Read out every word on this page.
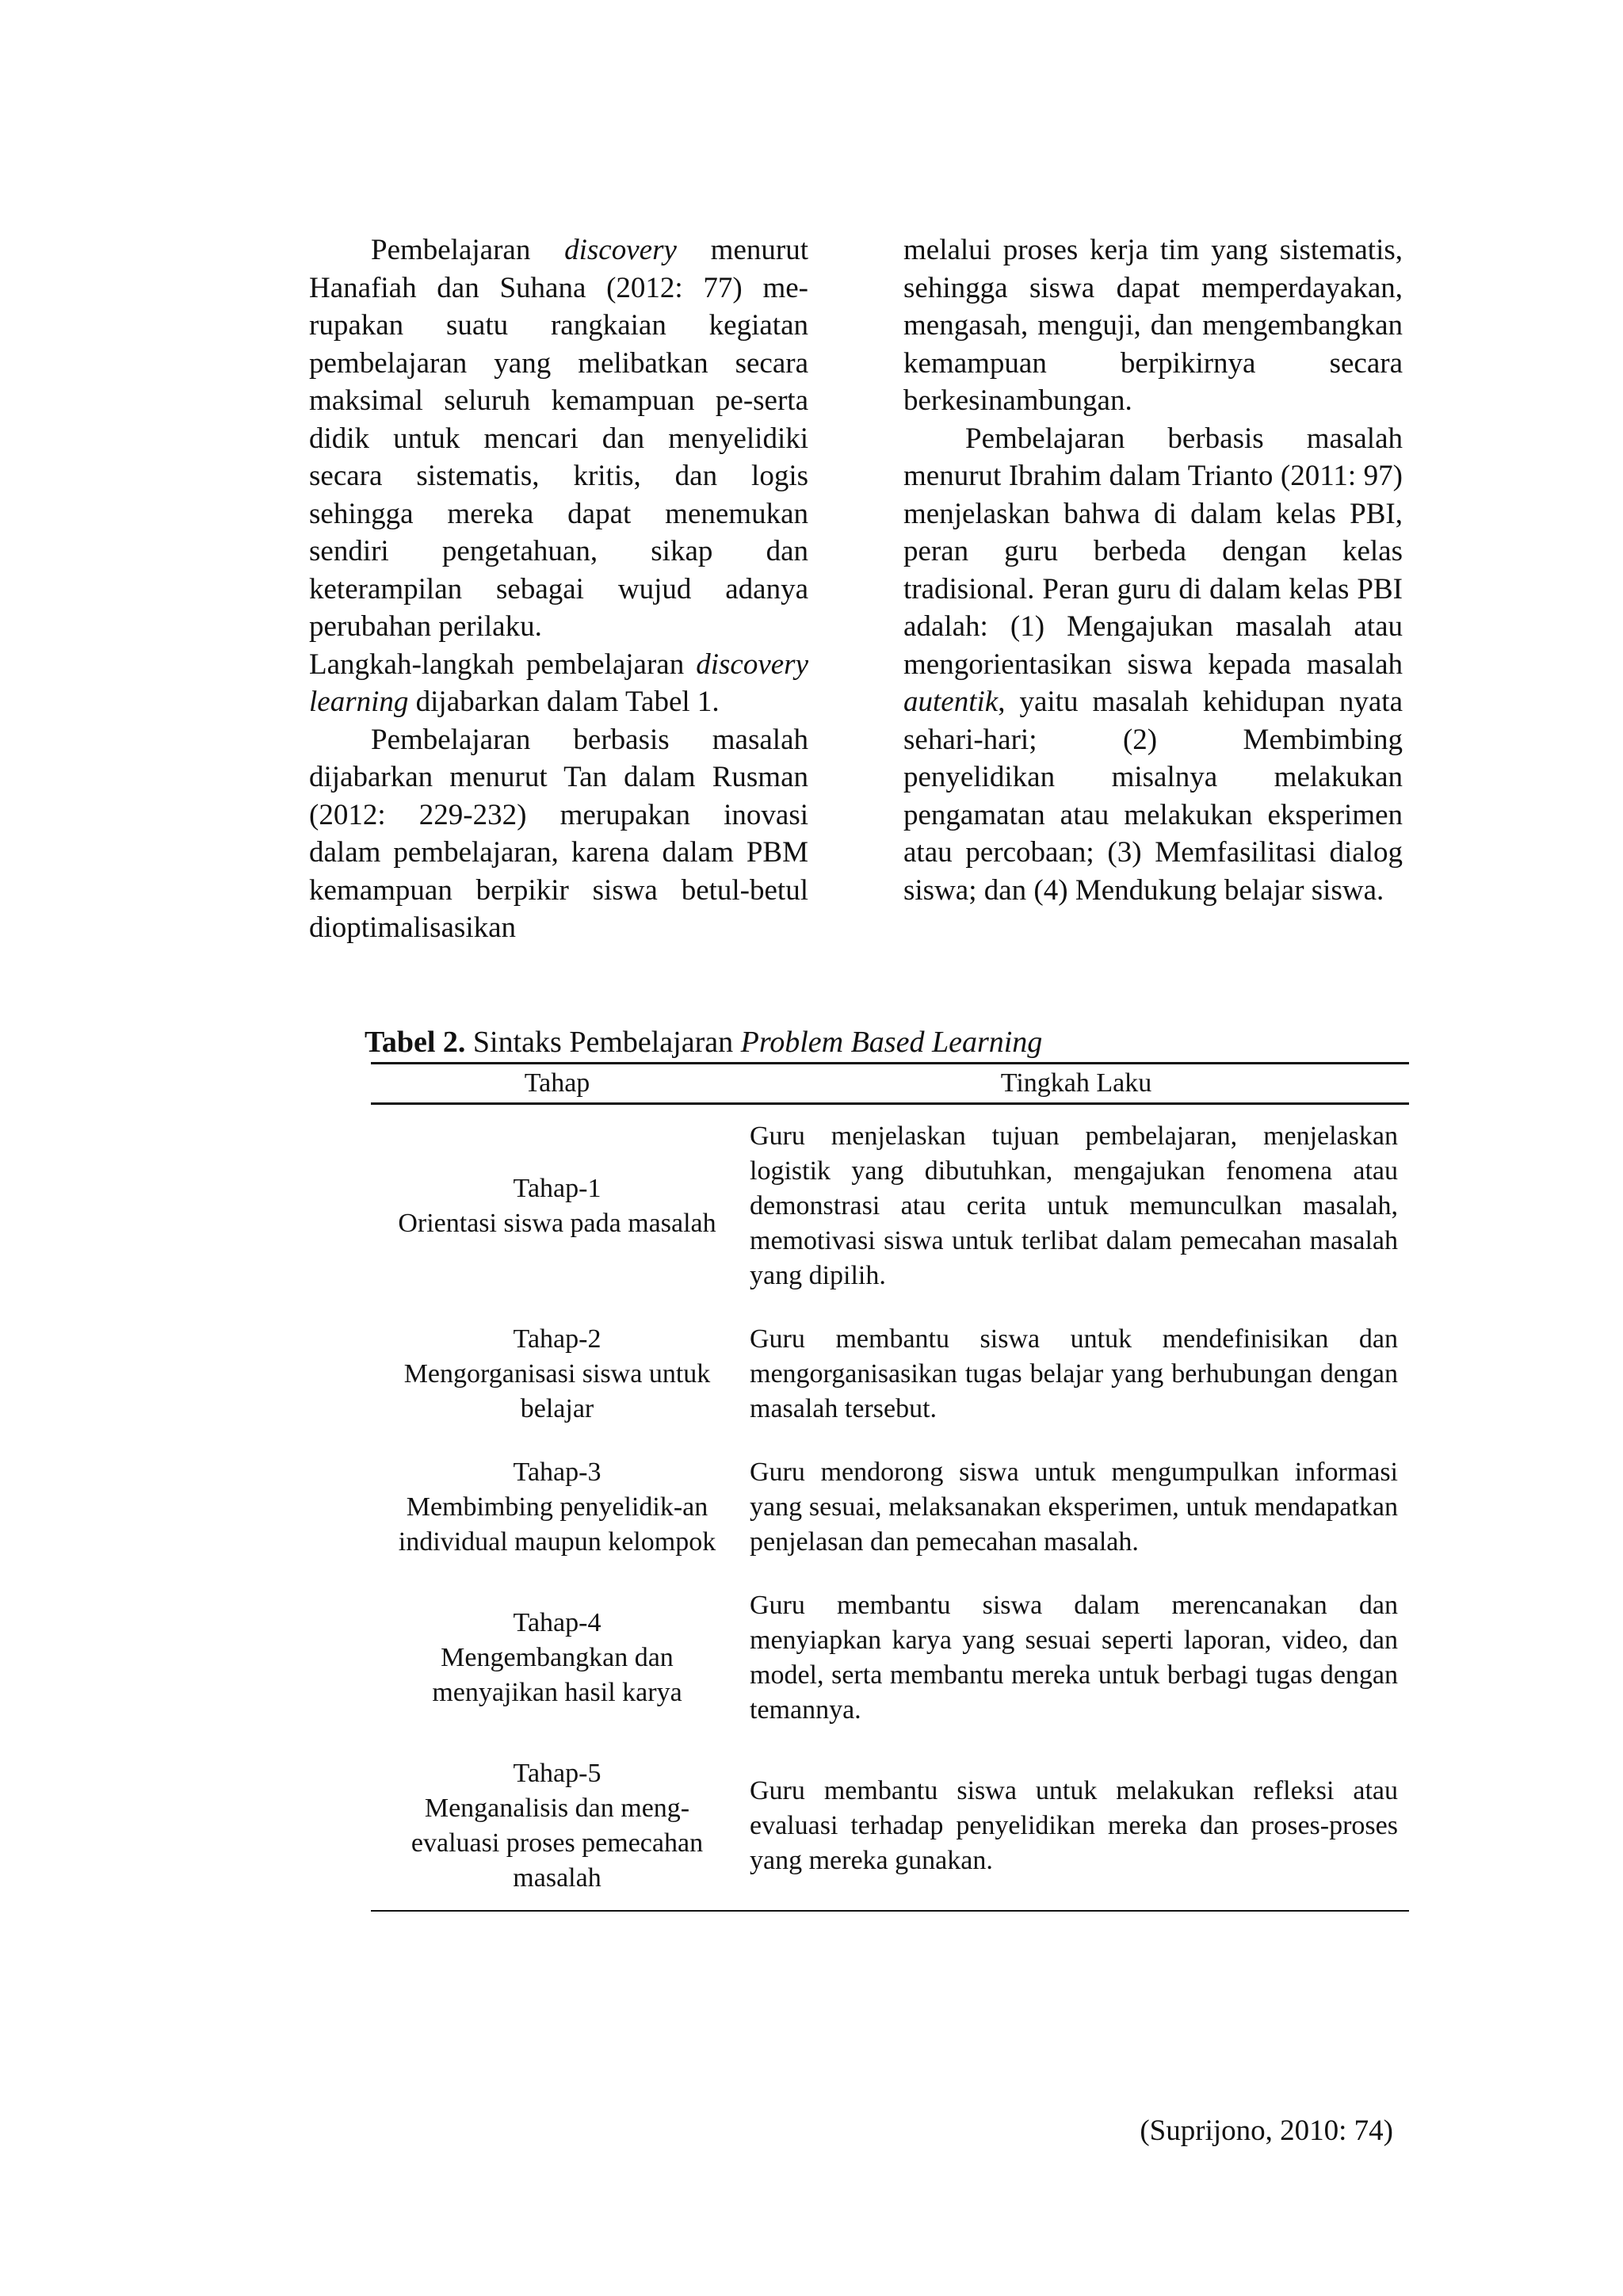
Pembelajaran discovery menurut Hanafiah dan Suhana (2012: 77) merupakan suatu rangkaian kegiatan pembelajaran yang melibatkan secara maksimal seluruh kemampuan pe-serta didik untuk mencari dan menyelidiki secara sistematis, kritis, dan logis sehingga mereka dapat menemukan sendiri pengetahuan, sikap dan keterampilan sebagai wujud adanya perubahan perilaku.

Langkah-langkah pembelajaran discovery learning dijabarkan dalam Tabel 1.

Pembelajaran berbasis masalah dijabarkan menurut Tan dalam Rusman (2012: 229-232) merupakan inovasi dalam pembelajaran, karena dalam PBM kemampuan berpikir siswa betul-betul dioptimalisasikan

melalui proses kerja tim yang sistematis, sehingga siswa dapat memperdayakan, mengasah, menguji, dan mengembangkan kemampuan berpikirnya secara berkesinambungan.

Pembelajaran berbasis masalah menurut Ibrahim dalam Trianto (2011: 97) menjelaskan bahwa di dalam kelas PBI, peran guru berbeda dengan kelas tradisional. Peran guru di dalam kelas PBI adalah: (1) Mengajukan masalah atau mengorientasikan siswa kepada masalah autentik, yaitu masalah kehidupan nyata sehari-hari; (2) Membimbing penyelidikan misalnya melakukan pengamatan atau melakukan eksperimen atau percobaan; (3) Memfasilitasi dialog siswa; dan (4) Mendukung belajar siswa.

Tabel 2. Sintaks Pembelajaran Problem Based Learning
Tahap	Tingkah Laku

Tahap-1
Orientasi siswa pada masalah	Guru menjelaskan tujuan pembelajaran, menjelaskan logistik yang dibutuhkan, mengajukan fenomena atau demonstrasi atau cerita untuk memunculkan masalah, memotivasi siswa untuk terlibat dalam pemecahan masalah yang dipilih.

Tahap-2
Mengorganisasi siswa untuk belajar	Guru membantu siswa untuk mendefinisikan dan mengorganisasikan tugas belajar yang berhubungan dengan masalah tersebut.

Tahap-3
Membimbing penyelidik-an individual maupun kelompok	Guru mendorong siswa untuk mengumpulkan informasi yang sesuai, melaksanakan eksperimen, untuk mendapatkan penjelasan dan pemecahan masalah.

Tahap-4
Mengembangkan dan menyajikan hasil karya	Guru membantu siswa dalam merencanakan dan menyiapkan karya yang sesuai seperti laporan, video, dan model, serta membantu mereka untuk berbagi tugas dengan temannya.

Tahap-5
Menganalisis dan mengevaluasi proses pemecahan masalah	Guru membantu siswa untuk melakukan refleksi atau evaluasi terhadap penyelidikan mereka dan proses-proses yang mereka gunakan.
(Suprijono, 2010: 74)
